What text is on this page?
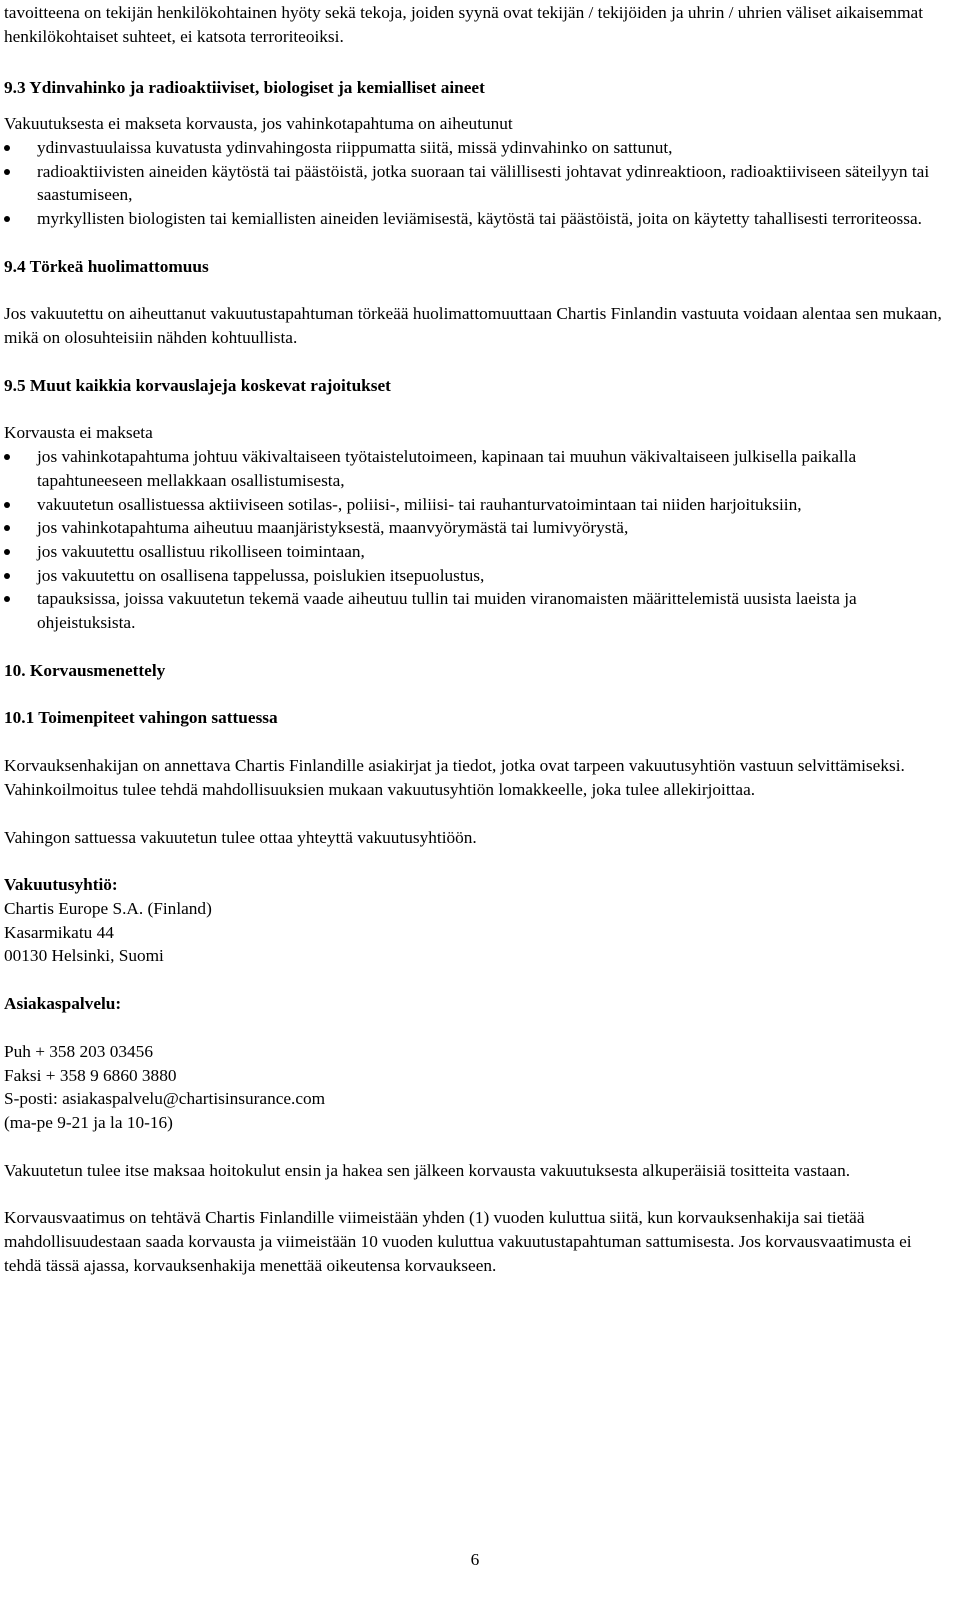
tavoitteena on tekijän henkilökohtainen hyöty sekä tekoja, joiden syynä ovat tekijän / tekijöiden ja uhrin / uhrien väliset aikaisemmat henkilökohtaiset suhteet, ei katsota terroriteoiksi.

9.3 Ydinvahinko ja radioaktiiviset, biologiset ja kemialliset aineet

Vakuutuksesta ei makseta korvausta, jos vahinkotapahtuma on aiheutunut

ydinvastuulaissa kuvatusta ydinvahingosta riippumatta siitä, missä ydinvahinko on sattunut,
radioaktiivisten aineiden käytöstä tai päästöistä, jotka suoraan tai välillisesti johtavat ydinreaktioon, radioaktiiviseen säteilyyn tai saastumiseen,
myrkyllisten biologisten tai kemiallisten aineiden leviämisestä, käytöstä tai päästöistä, joita on käytetty tahallisesti terroriteossa.
9.4 Törkeä huolimattomuus

Jos vakuutettu on aiheuttanut vakuutustapahtuman törkeää huolimattomuuttaan Chartis Finlandin vastuuta voidaan alentaa sen mukaan, mikä on olosuhteisiin nähden kohtuullista.

9.5 Muut kaikkia korvauslajeja koskevat rajoitukset

Korvausta ei makseta

jos vahinkotapahtuma johtuu väkivaltaiseen työtaistelutoimeen, kapinaan tai muuhun väkivaltaiseen julkisella paikalla tapahtuneeseen mellakkaan osallistumisesta,
vakuutetun osallistuessa aktiiviseen sotilas-, poliisi-, miliisi- tai rauhanturvatoimintaan tai niiden harjoituksiin,
jos vahinkotapahtuma aiheutuu maanjäristyksestä, maanvyörymästä tai lumivyörystä,
jos vakuutettu osallistuu rikolliseen toimintaan,
jos vakuutettu on osallisena tappelussa, poislukien itsepuolustus,
tapauksissa, joissa vakuutetun tekemä vaade aiheutuu tullin tai muiden viranomaisten määrittelemistä uusista laeista ja ohjeistuksista.
10. Korvausmenettely
10.1 Toimenpiteet vahingon sattuessa

Korvauksenhakijan on annettava Chartis Finlandille asiakirjat ja tiedot, jotka ovat tarpeen vakuutusyhtiön vastuun selvittämiseksi. Vahinkoilmoitus tulee tehdä mahdollisuuksien mukaan vakuutusyhtiön lomakkeelle, joka tulee allekirjoittaa.

Vahingon sattuessa vakuutetun tulee ottaa yhteyttä vakuutusyhtiöön.

Vakuutusyhtiö:

Chartis Europe S.A. (Finland)

Kasarmikatu 44

00130 Helsinki, Suomi

Asiakaspalvelu:

Puh + 358 203 03456

Faksi + 358 9 6860 3880

S-posti: asiakaspalvelu@chartisinsurance.com

(ma-pe 9-21 ja la 10-16)

Vakuutetun tulee itse maksaa hoitokulut ensin ja hakea sen jälkeen korvausta vakuutuksesta alkuperäisiä tositteita vastaan.

Korvausvaatimus on tehtävä Chartis Finlandille viimeistään yhden (1) vuoden kuluttua siitä, kun korvauksenhakija sai tietää mahdollisuudestaan saada korvausta ja viimeistään 10 vuoden kuluttua vakuutustapahtuman sattumisesta. Jos korvausvaatimusta ei tehdä tässä ajassa, korvauksenhakija menettää oikeutensa korvaukseen.

6
